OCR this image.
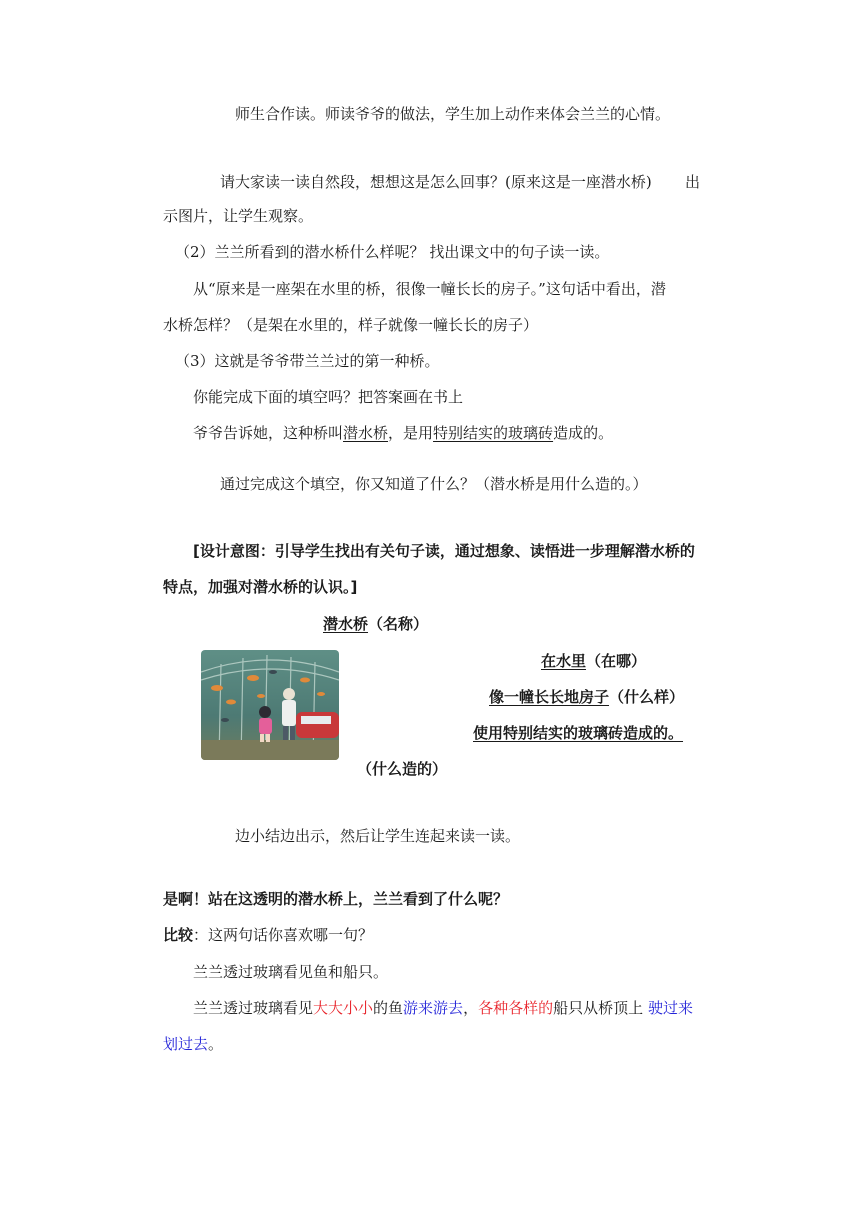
师生合作读。师读爷爷的做法，学生加上动作来体会兰兰的心情。
请大家读一读自然段，想想这是怎么回事？(原来这是一座潜水桥) 出
示图片，让学生观察。
（2）兰兰所看到的潜水桥什么样呢？ 找出课文中的句子读一读。
从“原来是一座架在水里的桥，很像一幢长长的房子。”这句话中看出，潜
水桥怎样？（是架在水里的，样子就像一幢长长的房子）
（3）这就是爷爷带兰兰过的第一种桥。
你能完成下面的填空吗？把答案画在书上
爷爷告诉她，这种桥叫潜水桥，是用特别结实的玻璃砖造成的。
通过完成这个填空，你又知道了什么？（潜水桥是用什么造的。）
[设计意图：引导学生找出有关句子读，通过想象、读悟进一步理解潜水桥的
特点，加强对潜水桥的认识。]
潜水桥（名称）
在水里（在哪）
像一幢长长地房子（什么样）
使用特别结实的玻璃砖造成的。
（什么造的）
边小结边出示，然后让学生连起来读一读。
是啊！站在这透明的潜水桥上，兰兰看到了什么呢？
比较：这两句话你喜欢哪一句？
兰兰透过玻璃看见鱼和船只。
兰兰透过玻璃看见大大小小的鱼游来游去，各种各样的船只从桥顶上 驶过来
划过去。
